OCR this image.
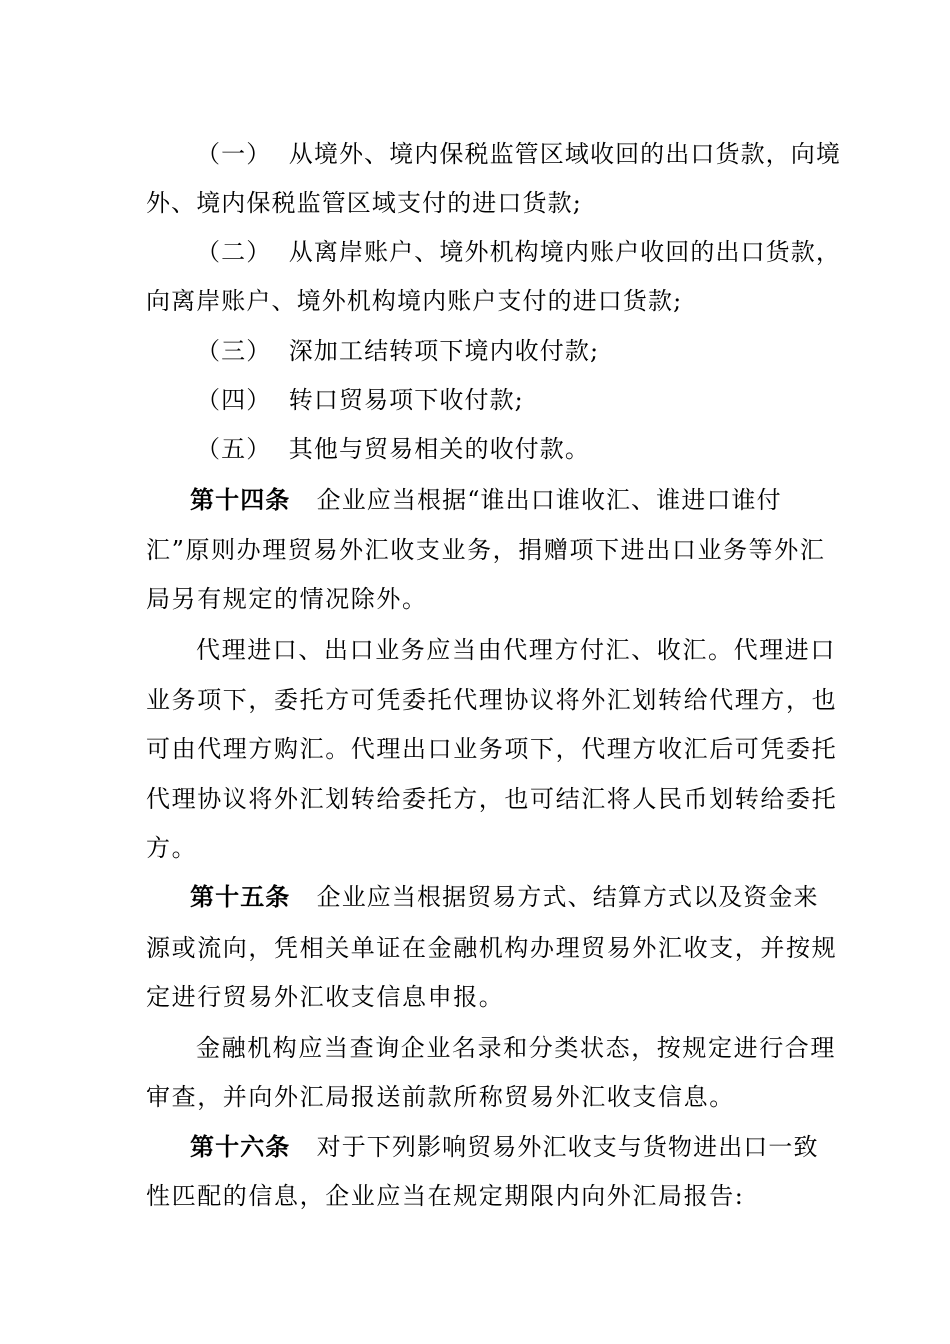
（一）  从境外、境内保税监管区域收回的出口货款，向境
外、境内保税监管区域支付的进口货款;
（二）  从离岸账户、境外机构境内账户收回的出口货款，
向离岸账户、境外机构境内账户支付的进口货款;
（三）  深加工结转项下境内收付款;
（四）  转口贸易项下收付款;
（五）  其他与贸易相关的收付款。
第十四条   企业应当根据“谁出口谁收汇、谁进口谁付
汇”原则办理贸易外汇收支业务，捐赠项下进出口业务等外汇
局另有规定的情况除外。
代理进口、出口业务应当由代理方付汇、收汇。代理进口
业务项下，委托方可凭委托代理协议将外汇划转给代理方，也
可由代理方购汇。代理出口业务项下，代理方收汇后可凭委托
代理协议将外汇划转给委托方，也可结汇将人民币划转给委托
方。
第十五条   企业应当根据贸易方式、结算方式以及资金来
源或流向，凭相关单证在金融机构办理贸易外汇收支，并按规
定进行贸易外汇收支信息申报。
金融机构应当查询企业名录和分类状态，按规定进行合理
审查，并向外汇局报送前款所称贸易外汇收支信息。
第十六条   对于下列影响贸易外汇收支与货物进出口一致
性匹配的信息，企业应当在规定期限内向外汇局报告:
